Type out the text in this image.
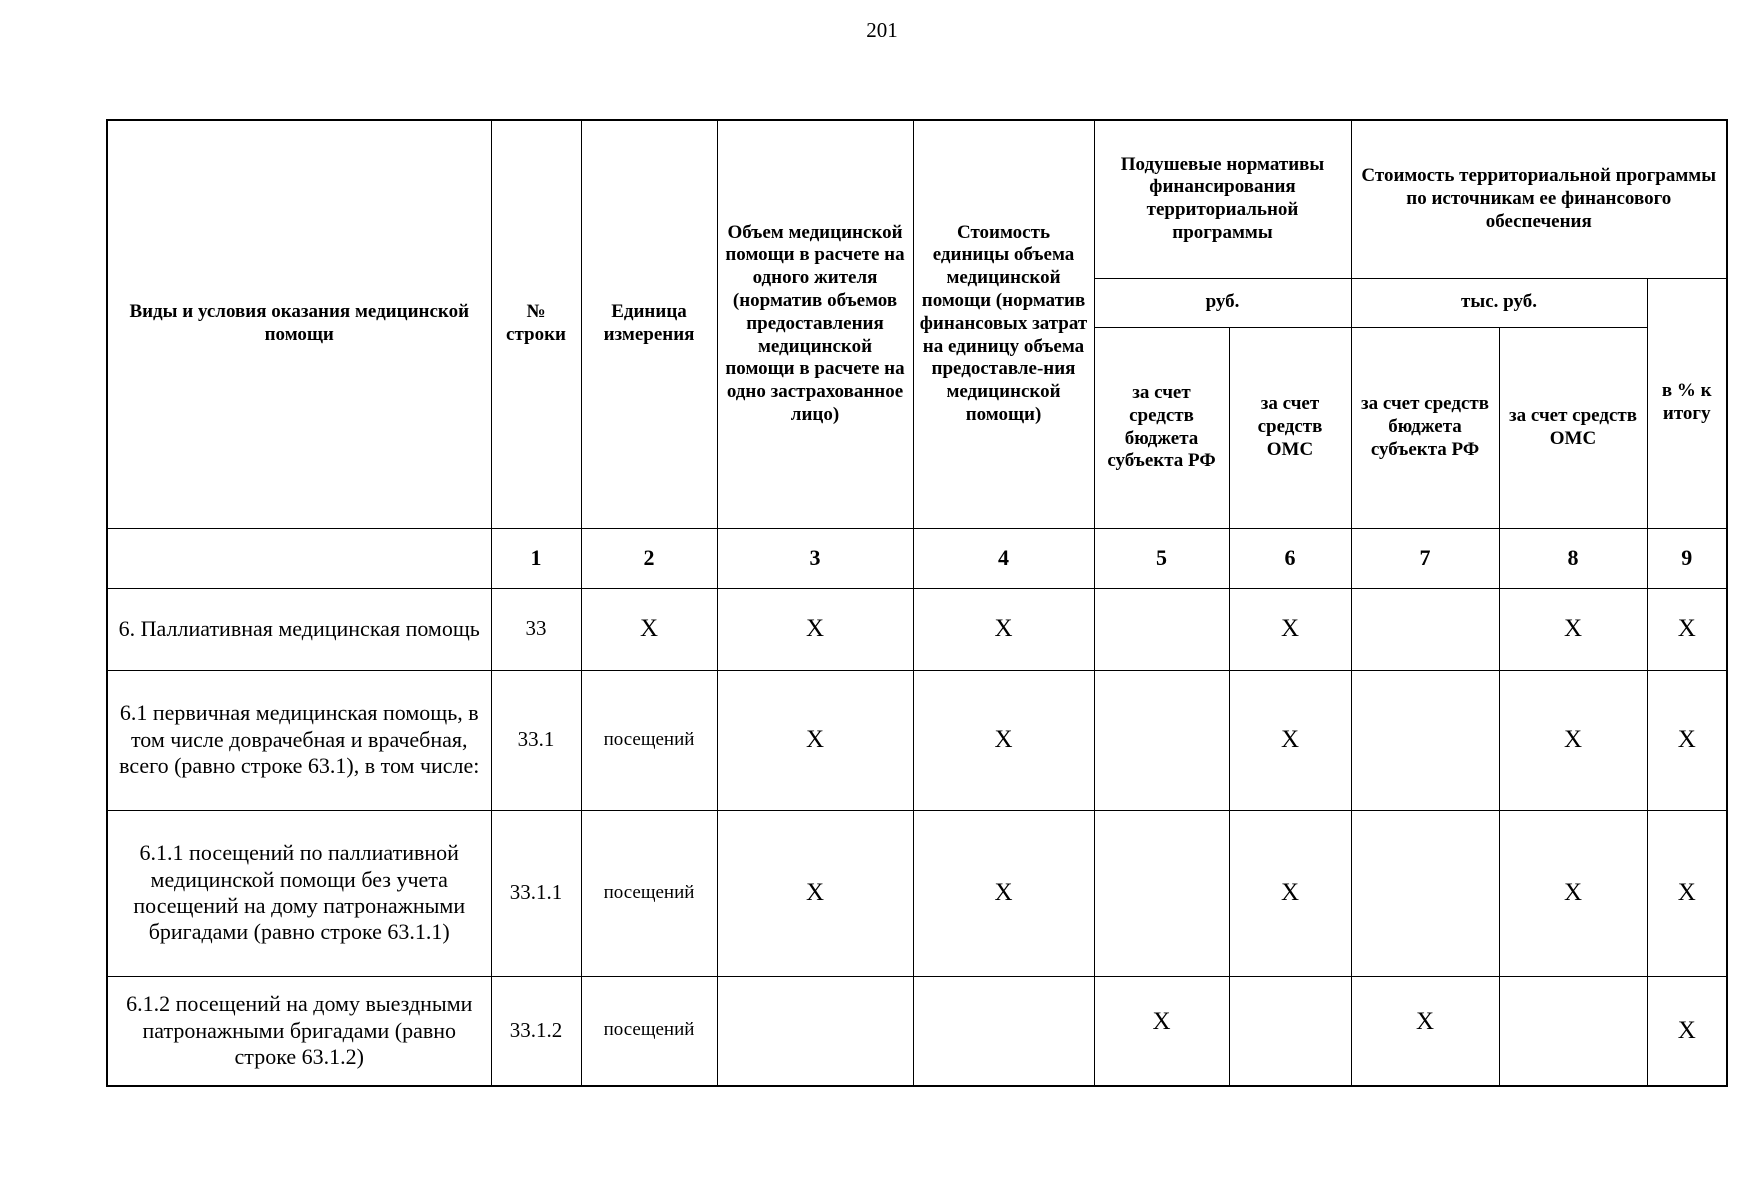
201
Виды и условия оказания медицинской помощи	№ строки	Единица измерения	Объем медицинской помощи в расчете на одного жителя (норматив объемов предоставления медицинской помощи в расчете на одно застрахованное лицо)	Стоимость единицы объема медицинской помощи (норматив финансовых затрат на единицу объема предоставле-ния медицинской помощи)	Подушевые нормативы финансирования территориальной программы		Стоимость территориальной программы по источникам ее финансового обеспечения		
					руб.		тыс. руб.		в % к итогу
					за счет средств бюджета субъекта РФ	за счет средств ОМС	за счет средств бюджета субъекта РФ	за счет средств ОМС	
	1	2	3	4	5	6	7	8	9
6. Паллиативная медицинская помощь	33	X	X	X		X		X	X
6.1 первичная медицинская помощь, в том числе доврачебная и врачебная, всего (равно строке 63.1), в том числе:	33.1	посещений	X	X		X		X	X
6.1.1 посещений по паллиативной медицинской помощи без учета посещений на дому патронажными бригадами (равно строке 63.1.1)	33.1.1	посещений	X	X		X		X	X
6.1.2 посещений на дому выездными патронажными бригадами (равно строке 63.1.2)	33.1.2	посещений			X		X		X
